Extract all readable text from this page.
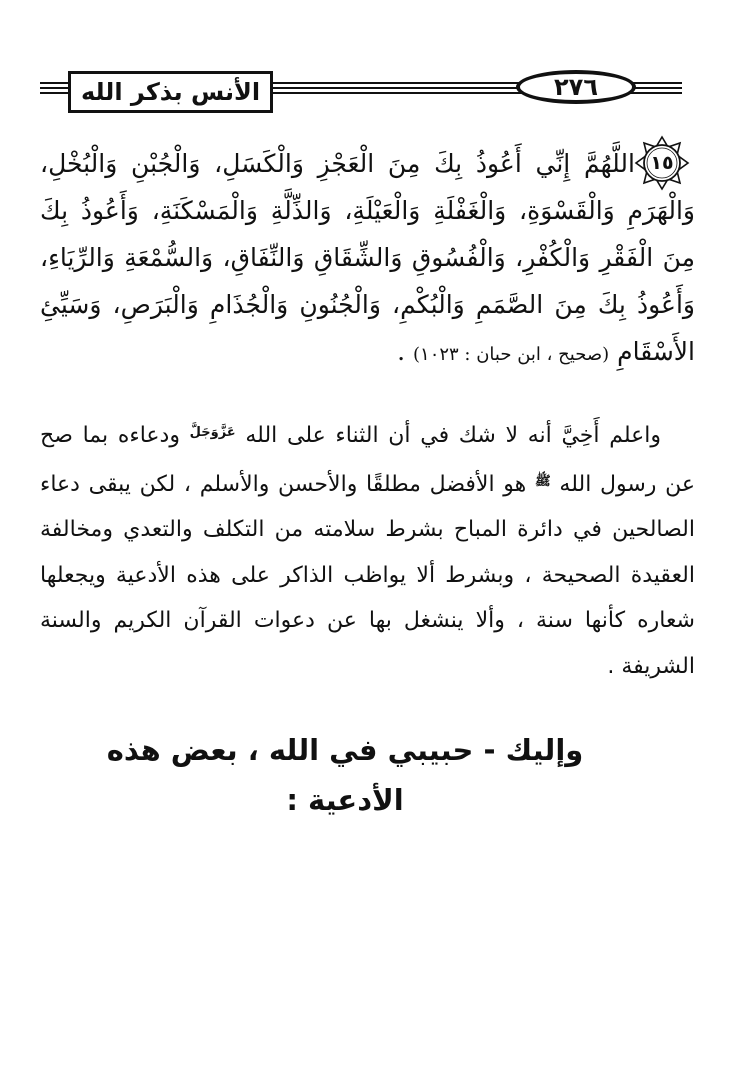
الأنس بذكر الله	٢٧٦
١٥
اللَّهُمَّ إِنِّي أَعُوذُ بِكَ مِنَ الْعَجْزِ وَالْكَسَلِ، وَالْجُبْنِ وَالْبُخْلِ، وَالْهَرَمِ وَالْقَسْوَةِ، وَالْغَفْلَةِ وَالْعَيْلَةِ، وَالذِّلَّةِ وَالْمَسْكَنَةِ، وَأَعُوذُ بِكَ مِنَ الْفَقْرِ وَالْكُفْرِ، وَالْفُسُوقِ وَالشِّقَاقِ وَالنِّفَاقِ، وَالسُّمْعَةِ وَالرِّيَاءِ، وَأَعُوذُ بِكَ مِنَ الصَّمَمِ وَالْبُكْمِ، وَالْجُنُونِ وَالْجُذَامِ وَالْبَرَصِ، وَسَيِّئِ الأَسْقَامِ (صحيح ، ابن حبان : ١٠٢٣) .
واعلم أَخِيَّ أنه لا شك في أن الثناء على الله $^{عَزَّوَجَلَّ}$ ودعاءه بما صح عن رسول الله $^ﷺ$ هو الأفضل مطلقًا والأحسن والأسلم ، لكن يبقى دعاء الصالحين في دائرة المباح بشرط سلامته من التكلف والتعدي ومخالفة العقيدة الصحيحة ، وبشرط ألا يواظب الذاكر على هذه الأدعية ويجعلها شعاره كأنها سنة ، وألا ينشغل بها عن دعوات القرآن الكريم والسنة الشريفة .
وإليك - حبيبي في الله ، بعض هذه الأدعية :
